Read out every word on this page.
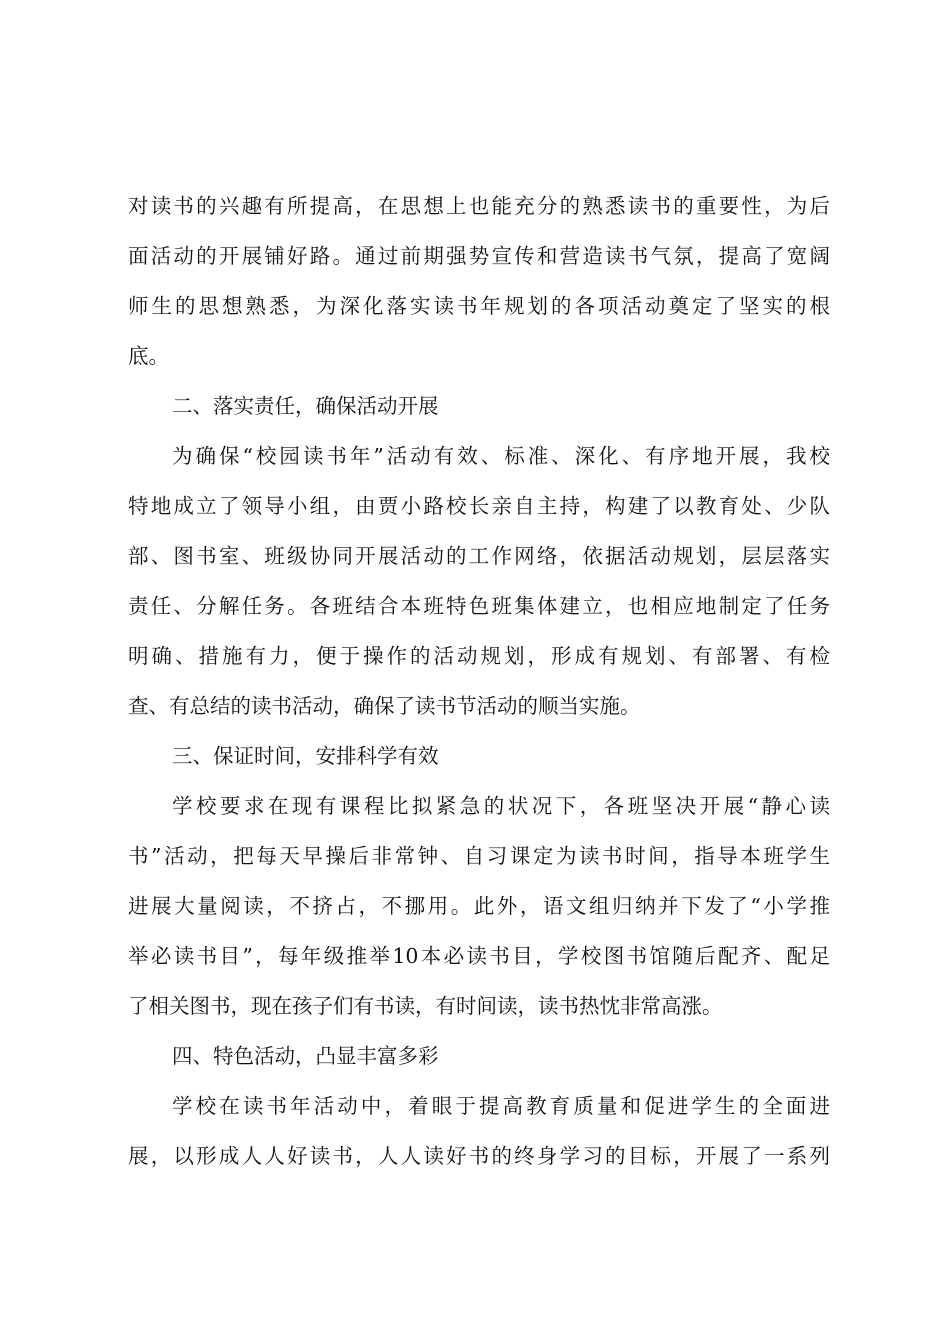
对读书的兴趣有所提高，在思想上也能充分的熟悉读书的重要性，为后
面活动的开展铺好路。通过前期强势宣传和营造读书气氛，提高了宽阔
师生的思想熟悉，为深化落实读书年规划的各项活动奠定了坚实的根
底。
二、落实责任，确保活动开展
为确保“校园读书年”活动有效、标准、深化、有序地开展，我校
特地成立了领导小组，由贾小路校长亲自主持，构建了以教育处、少队
部、图书室、班级协同开展活动的工作网络，依据活动规划，层层落实
责任、分解任务。各班结合本班特色班集体建立，也相应地制定了任务
明确、措施有力，便于操作的活动规划，形成有规划、有部署、有检
查、有总结的读书活动，确保了读书节活动的顺当实施。
三、保证时间，安排科学有效
学校要求在现有课程比拟紧急的状况下，各班坚决开展“静心读
书”活动，把每天早操后非常钟、自习课定为读书时间，指导本班学生
进展大量阅读，不挤占，不挪用。此外，语文组归纳并下发了“小学推
举必读书目”，每年级推举10本必读书目，学校图书馆随后配齐、配足
了相关图书，现在孩子们有书读，有时间读，读书热忱非常高涨。
四、特色活动，凸显丰富多彩
学校在读书年活动中，着眼于提高教育质量和促进学生的全面进
展，以形成人人好读书，人人读好书的终身学习的目标，开展了一系列
